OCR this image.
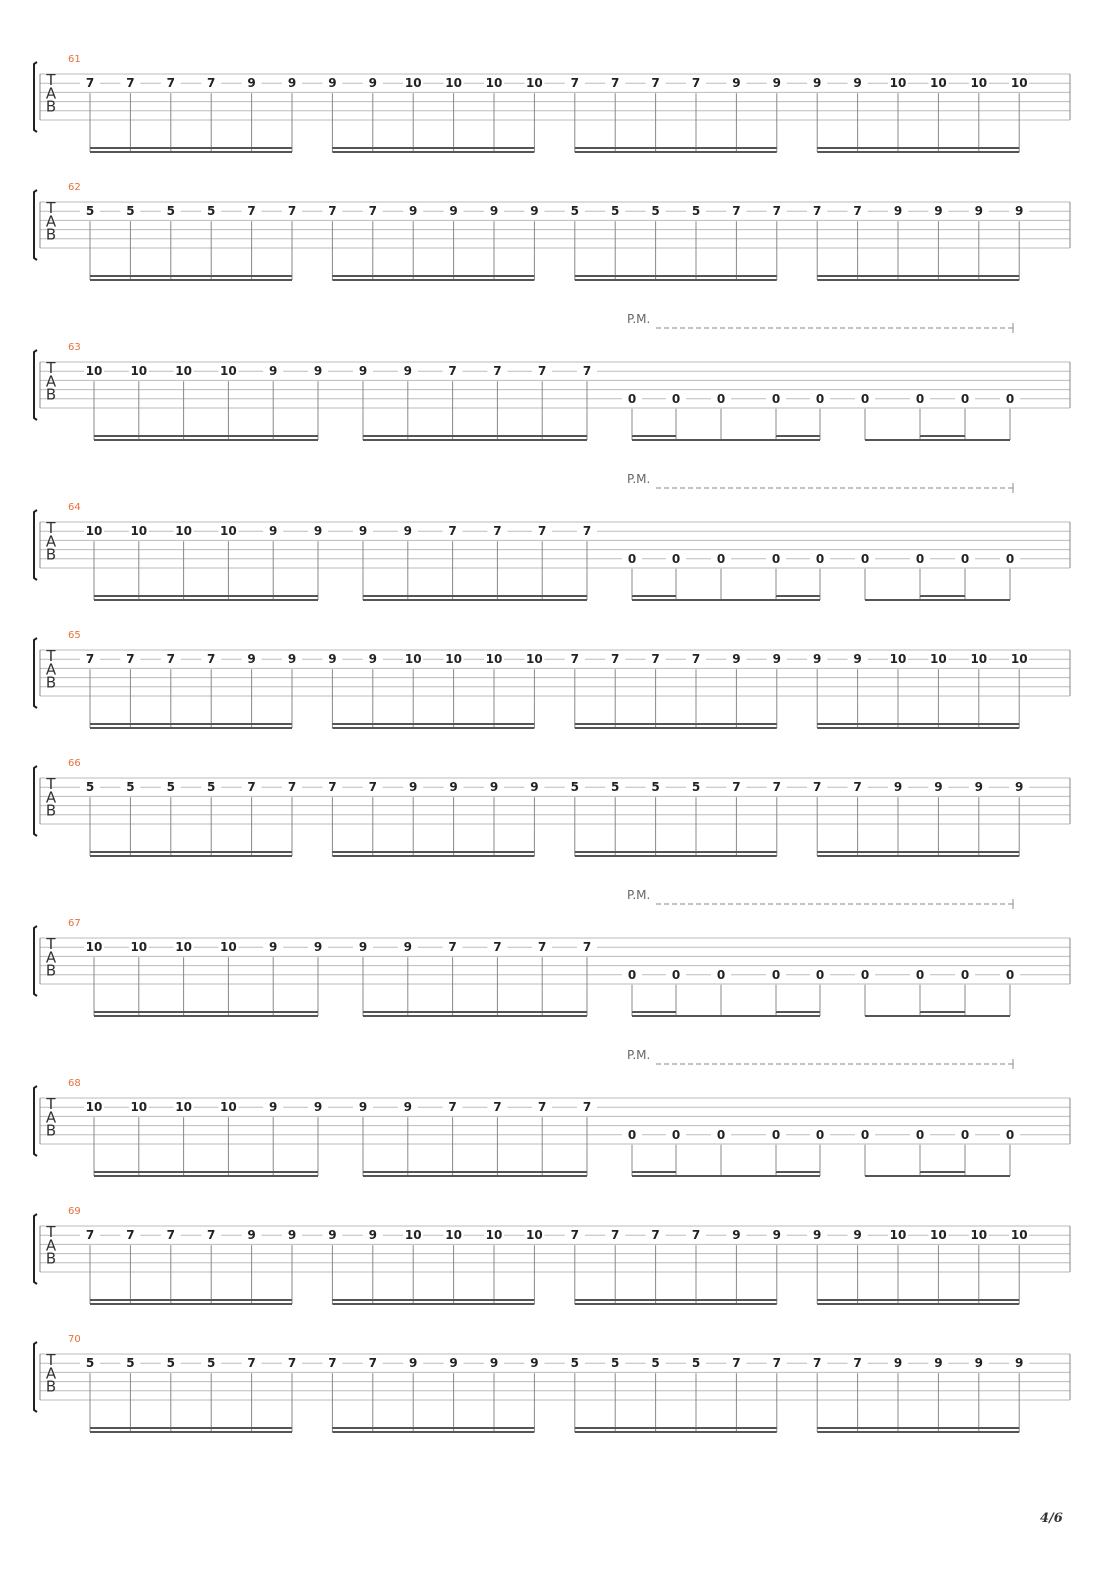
61
T
A
B
7	7	7	7	9	9	9	9 10 10 10 10 7	7	7	7	9	9	9	9 10 10 10 10
62
T
A
B
5	5	5	5	7	7	7	7	9	9	9	9	5	5	5	5	7	7	7	7	9	9	9	9
63
T
A
B
10 10 10 10	9	9	9	9	7	7	7	7
0	0	0	0	0	0	0	0	0
P.M.
64
T
A
B
10 10 10 10	9	9	9	9	7	7	7	7
0	0	0	0	0	0	0	0	0
P.M.
65
T
A
B
7	7	7	7	9	9	9	9 10 10 10 10 7	7	7	7	9	9	9	9 10 10 10 10
66
T
A
B
5	5	5	5	7	7	7	7	9	9	9	9	5	5	5	5	7	7	7	7	9	9	9	9
67
T
A
B
10 10 10 10	9	9	9	9	7	7	7	7
0	0	0	0	0	0	0	0	0
P.M.
68
T
A
B
10 10 10 10	9	9	9	9	7	7	7	7
0	0	0	0	0	0	0	0	0
P.M.
69
T
A
B
7	7	7	7	9	9	9	9 10 10 10 10 7	7	7	7	9	9	9	9 10 10 10 10
70
T
A
B
5	5	5	5	7	7	7	7	9	9	9	9	5	5	5	5	7	7	7	7	9	9	9	9
4/6
